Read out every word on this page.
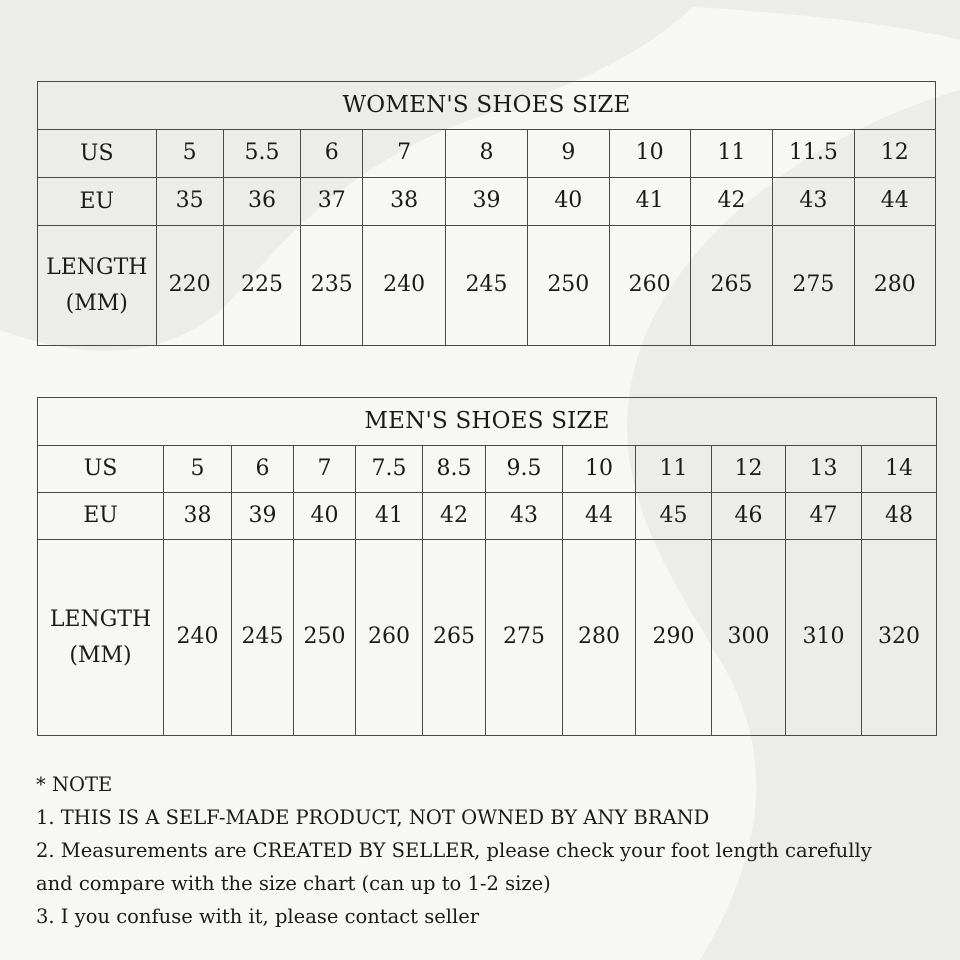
WOMEN'S SHOES SIZE										
US	5	5.5	6	7	8	9	10	11	11.5	12
EU	35	36	37	38	39	40	41	42	43	44
LENGTH
(MM)	220	225	235	240	245	250	260	265	275	280
MEN'S SHOES SIZE											
US	5	6	7	7.5	8.5	9.5	10	11	12	13	14
EU	38	39	40	41	42	43	44	45	46	47	48
LENGTH
(MM)	240	245	250	260	265	275	280	290	300	310	320
* NOTE
1. THIS IS A SELF-MADE PRODUCT, NOT OWNED BY ANY BRAND
2. Measurements are CREATED BY SELLER, please check your foot length carefully
and compare with the size chart (can up to 1-2 size)
3. I you confuse with it, please contact seller
